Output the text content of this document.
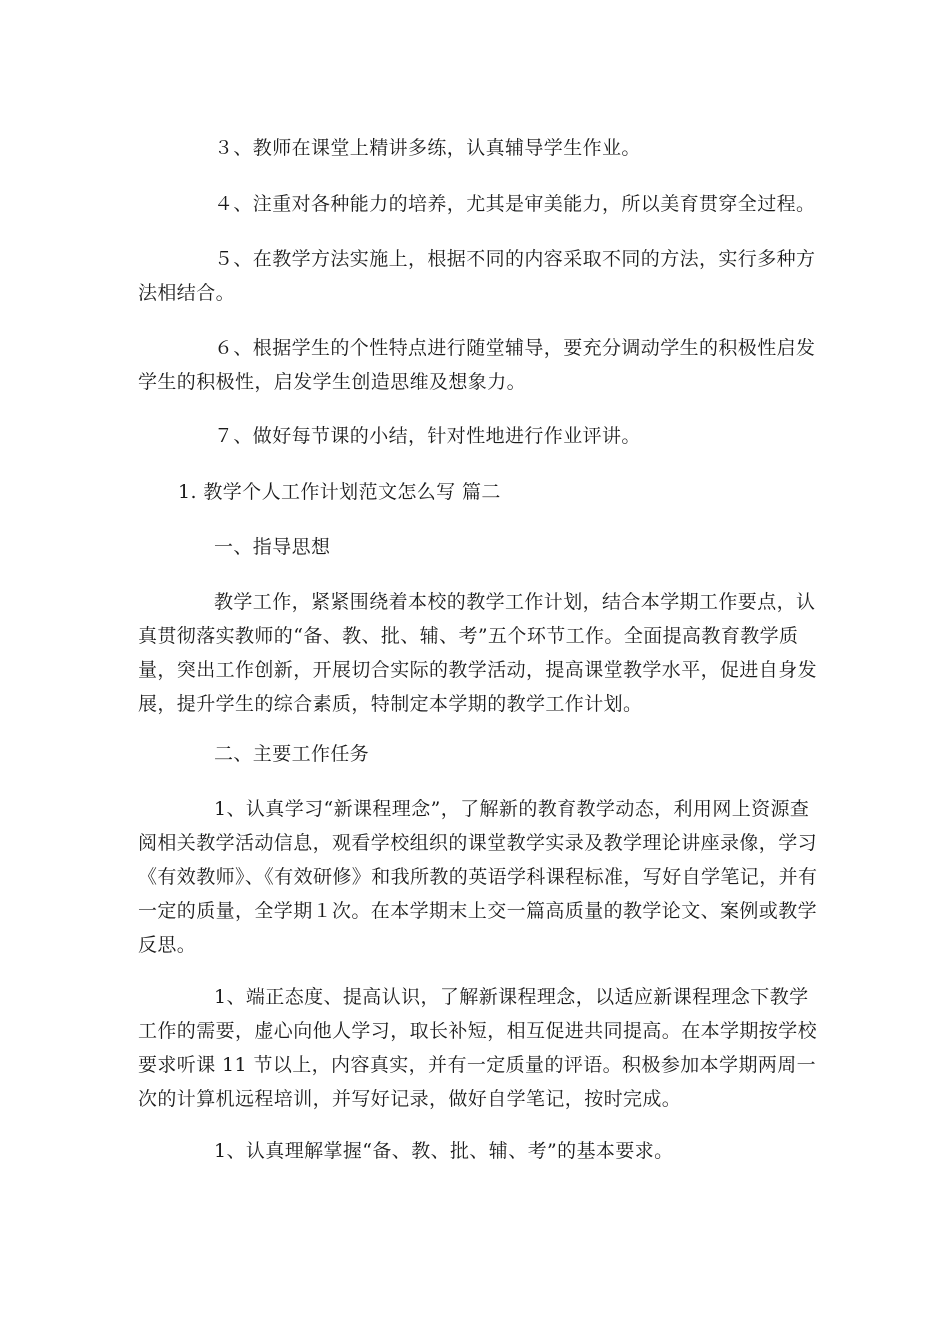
３、教师在课堂上精讲多练，认真辅导学生作业。

４、注重对各种能力的培养，尤其是审美能力，所以美育贯穿全过程。

５、在教学方法实施上，根据不同的内容采取不同的方法，实行多种方法相结合。

６、根据学生的个性特点进行随堂辅导，要充分调动学生的积极性启发学生的积极性，启发学生创造思维及想象力。

７、做好每节课的小结，针对性地进行作业评讲。

1. 教学个人工作计划范文怎么写 篇二

一、指导思想

教学工作，紧紧围绕着本校的教学工作计划，结合本学期工作要点，认真贯彻落实教师的“备、教、批、辅、考”五个环节工作。全面提高教育教学质量，突出工作创新，开展切合实际的教学活动，提高课堂教学水平，促进自身发展，提升学生的综合素质，特制定本学期的教学工作计划。

二、主要工作任务

1、认真学习“新课程理念”，了解新的教育教学动态，利用网上资源查阅相关教学活动信息，观看学校组织的课堂教学实录及教学理论讲座录像，学习《有效教师》、《有效研修》和我所教的英语学科课程标准，写好自学笔记，并有一定的质量，全学期１次。在本学期末上交一篇高质量的教学论文、案例或教学反思。

1、端正态度、提高认识，了解新课程理念，以适应新课程理念下教学工作的需要，虚心向他人学习，取长补短，相互促进共同提高。在本学期按学校要求听课 11 节以上，内容真实，并有一定质量的评语。积极参加本学期两周一次的计算机远程培训，并写好记录，做好自学笔记，按时完成。

1、认真理解掌握“备、教、批、辅、考”的基本要求。
